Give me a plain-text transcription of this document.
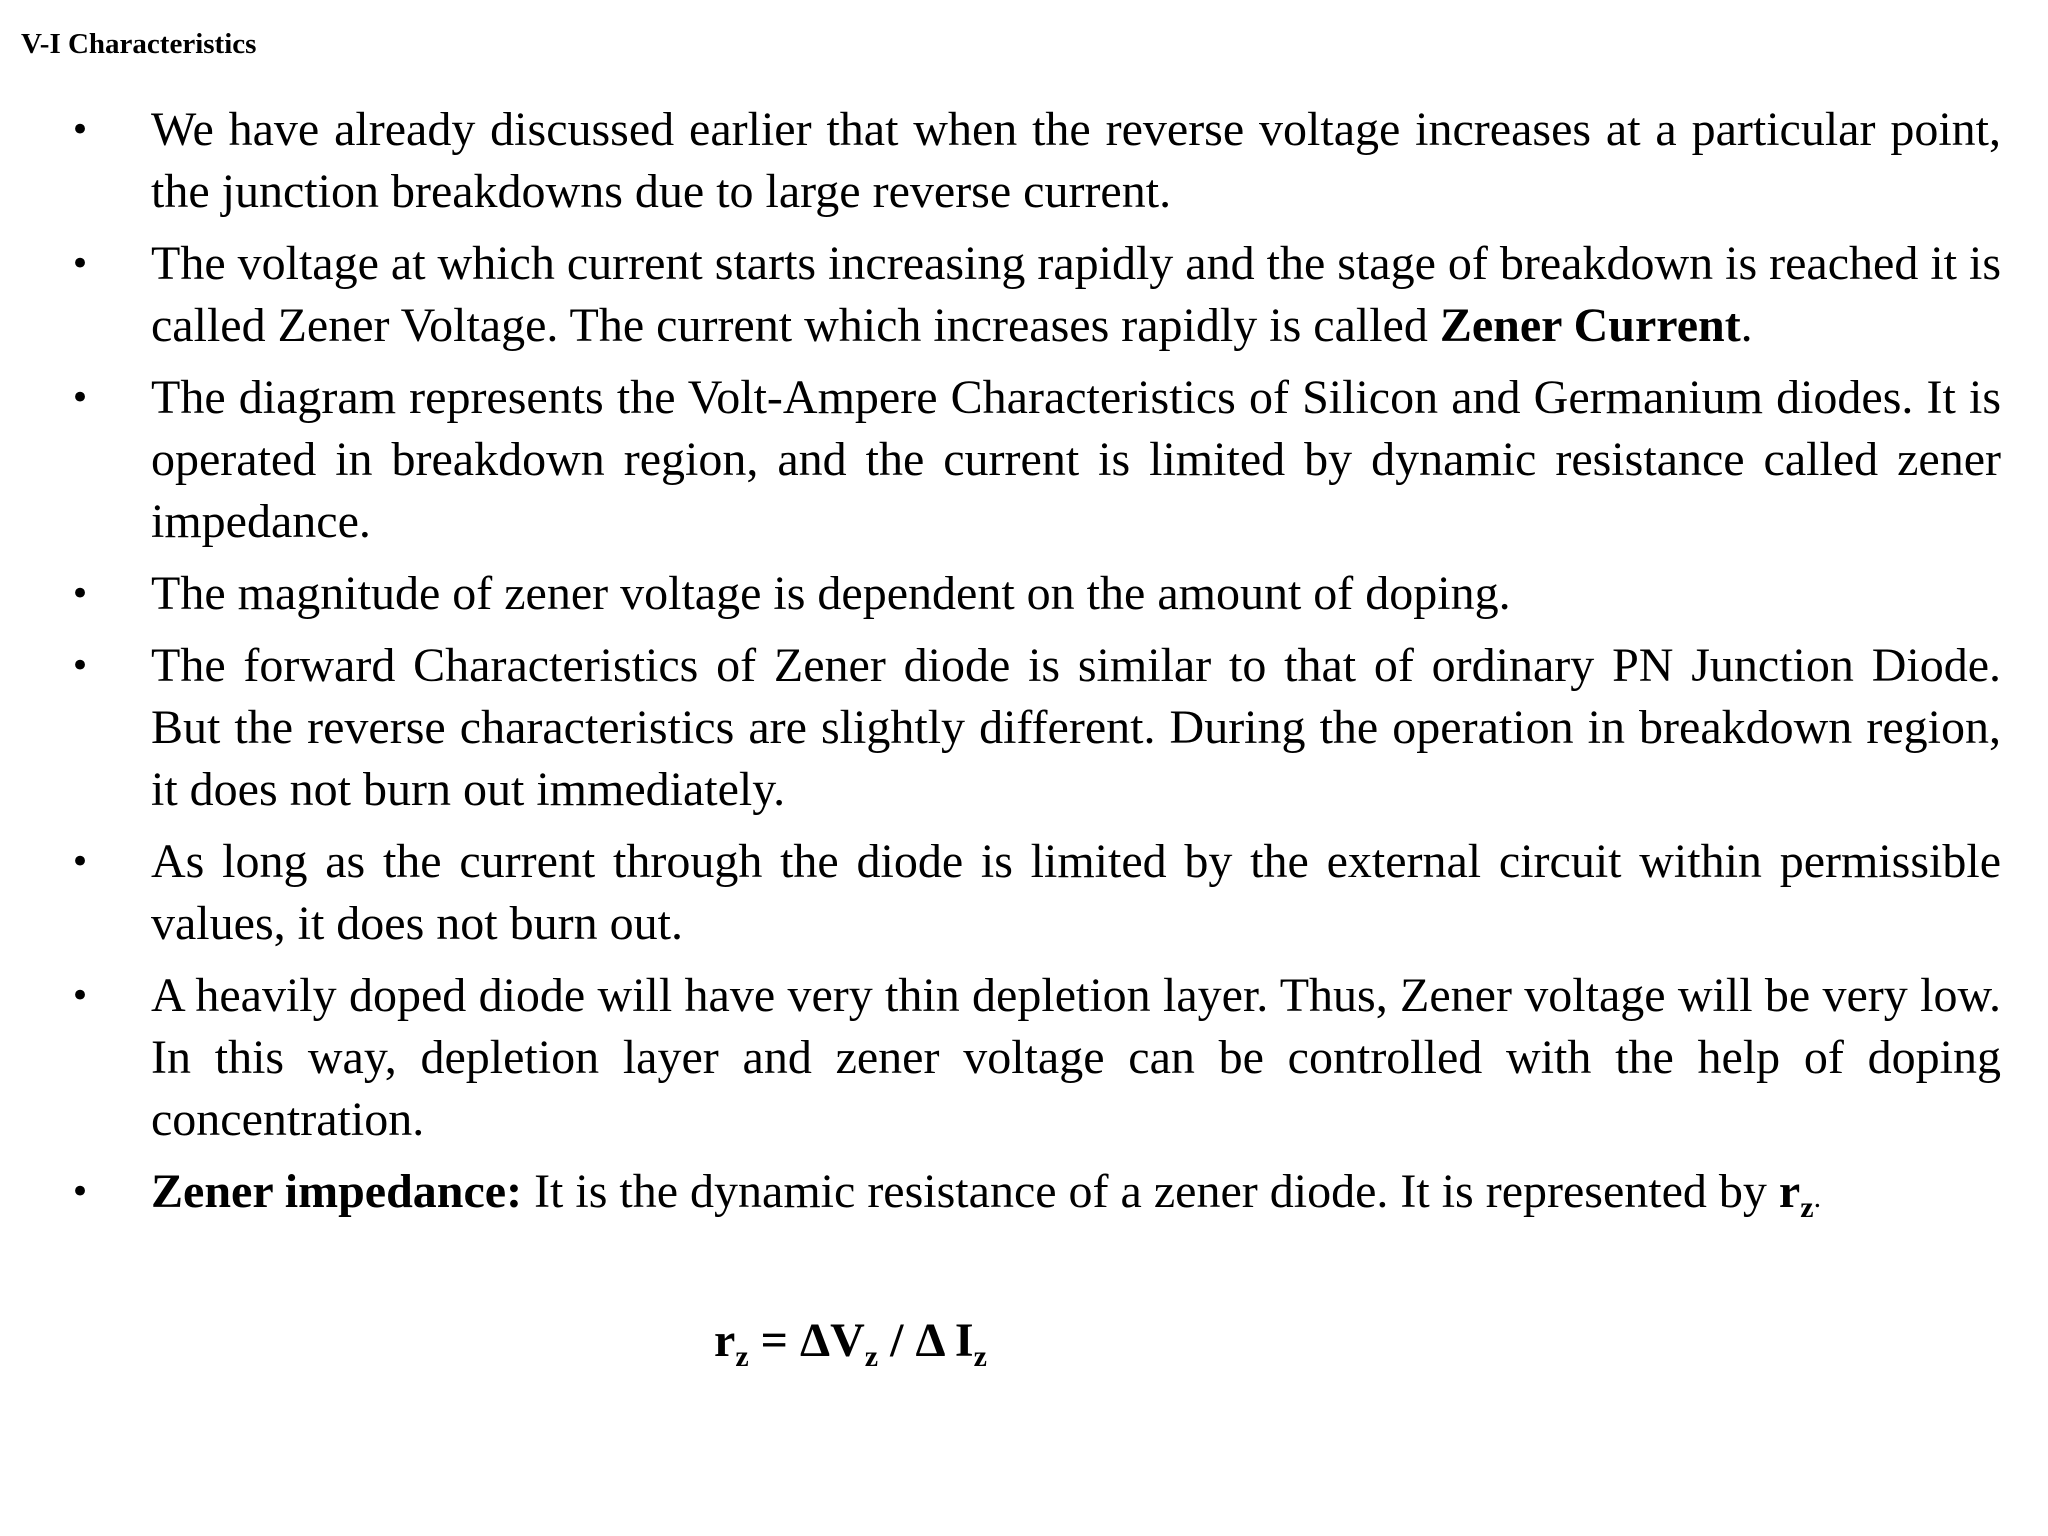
V-I Characteristics
• We have already discussed earlier that when the reverse voltage increases at a particular point, the junction breakdowns due to large reverse current.
• The voltage at which current starts increasing rapidly and the stage of breakdown is reached it is called Zener Voltage. The current which increases rapidly is called Zener Current.
• The diagram represents the Volt-Ampere Characteristics of Silicon and Germanium diodes. It is operated in breakdown region, and the current is limited by dynamic resistance called zener impedance.
• The magnitude of zener voltage is dependent on the amount of doping.
• The forward Characteristics of Zener diode is similar to that of ordinary PN Junction Diode. But the reverse characteristics are slightly different. During the operation in breakdown region, it does not burn out immediately.
• As long as the current through the diode is limited by the external circuit within permissible values, it does not burn out.
• A heavily doped diode will have very thin depletion layer. Thus, Zener voltage will be very low. In this way, depletion layer and zener voltage can be controlled with the help of doping concentration.
• Zener impedance: It is the dynamic resistance of a zener diode. It is represented by $r_z$.
$r_z = \Delta V_z / \Delta$ $I_z$
